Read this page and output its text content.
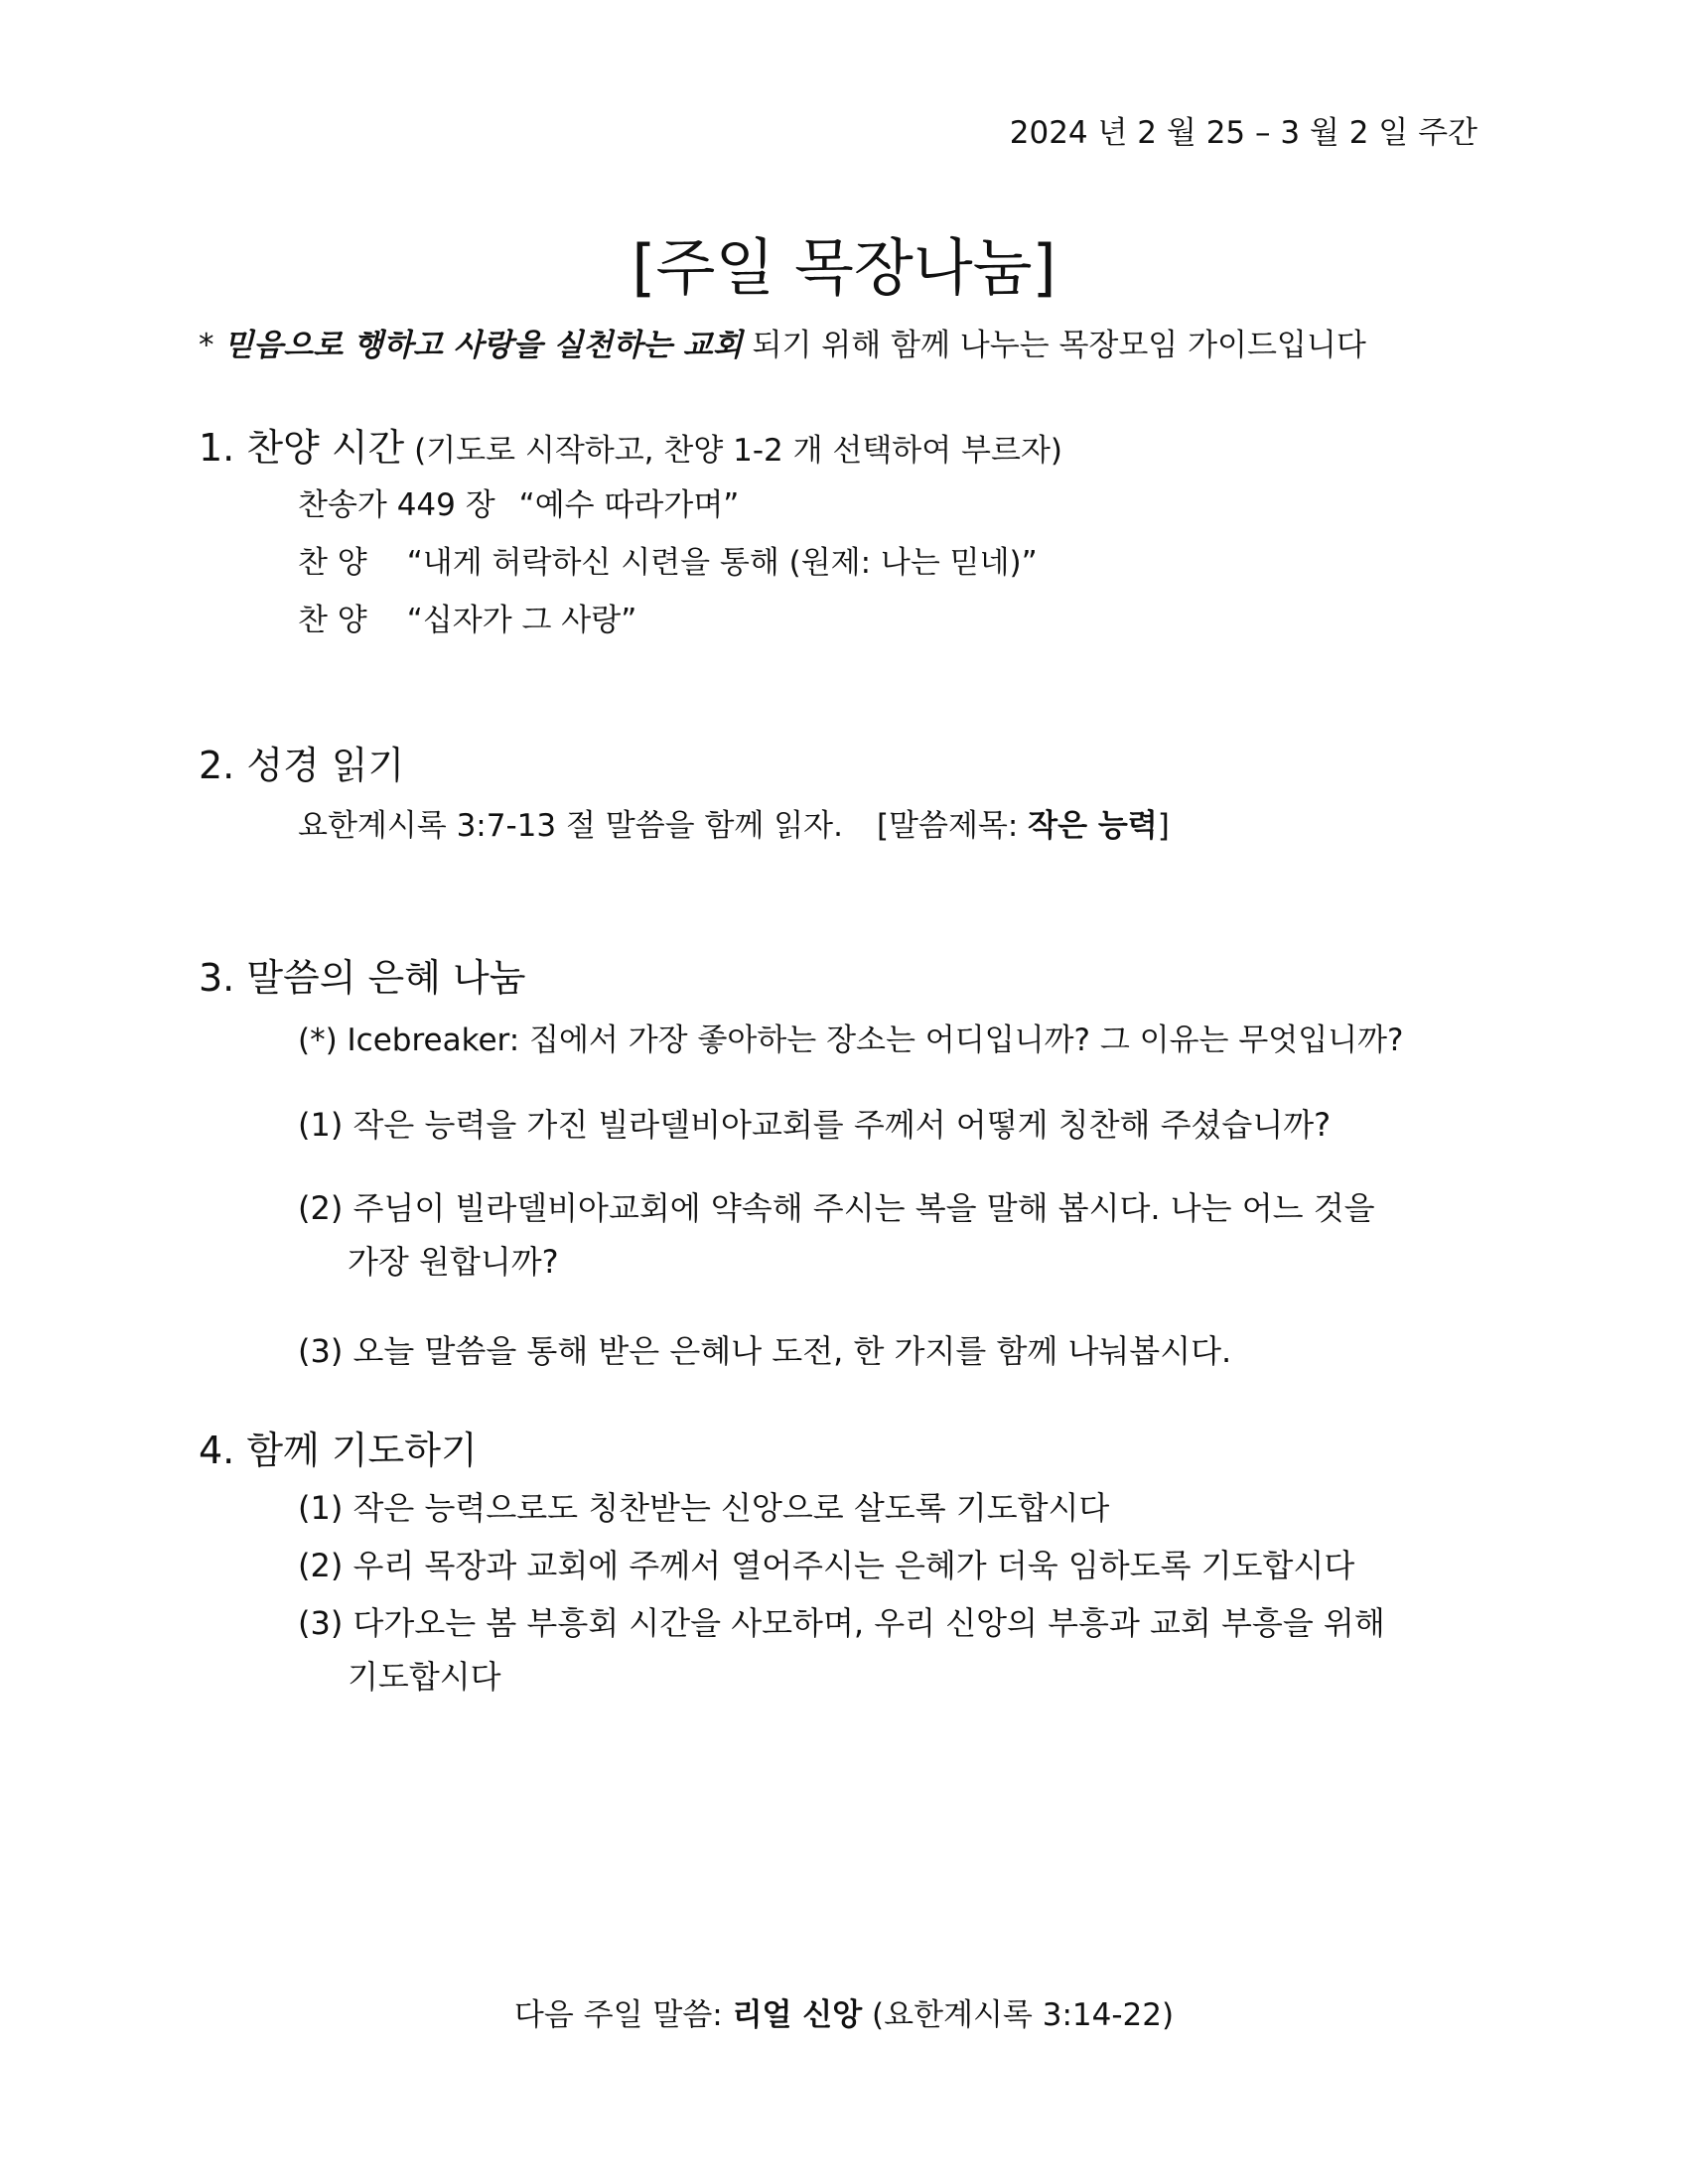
2024 년 2 월 25 – 3 월 2 일 주간
[주일 목장나눔]
* 믿음으로 행하고 사랑을 실천하는 교회 되기 위해 함께 나누는 목장모임 가이드입니다
1. 찬양 시간 (기도로 시작하고, 찬양 1-2 개 선택하여 부르자)
찬송가 449 장 “예수 따라가며”
찬 양 “내게 허락하신 시련을 통해 (원제: 나는 믿네)”
찬 양 “십자가 그 사랑”
2. 성경 읽기
요한계시록 3:7-13 절 말씀을 함께 읽자. [말씀제목: 작은 능력]
3. 말씀의 은혜 나눔
(*) Icebreaker: 집에서 가장 좋아하는 장소는 어디입니까? 그 이유는 무엇입니까?
(1) 작은 능력을 가진 빌라델비아교회를 주께서 어떻게 칭찬해 주셨습니까?
(2) 주님이 빌라델비아교회에 약속해 주시는 복을 말해 봅시다. 나는 어느 것을
가장 원합니까?
(3) 오늘 말씀을 통해 받은 은혜나 도전, 한 가지를 함께 나눠봅시다.
4. 함께 기도하기
(1) 작은 능력으로도 칭찬받는 신앙으로 살도록 기도합시다
(2) 우리 목장과 교회에 주께서 열어주시는 은혜가 더욱 임하도록 기도합시다
(3) 다가오는 봄 부흥회 시간을 사모하며, 우리 신앙의 부흥과 교회 부흥을 위해
기도합시다
다음 주일 말씀: 리얼 신앙 (요한계시록 3:14-22)
